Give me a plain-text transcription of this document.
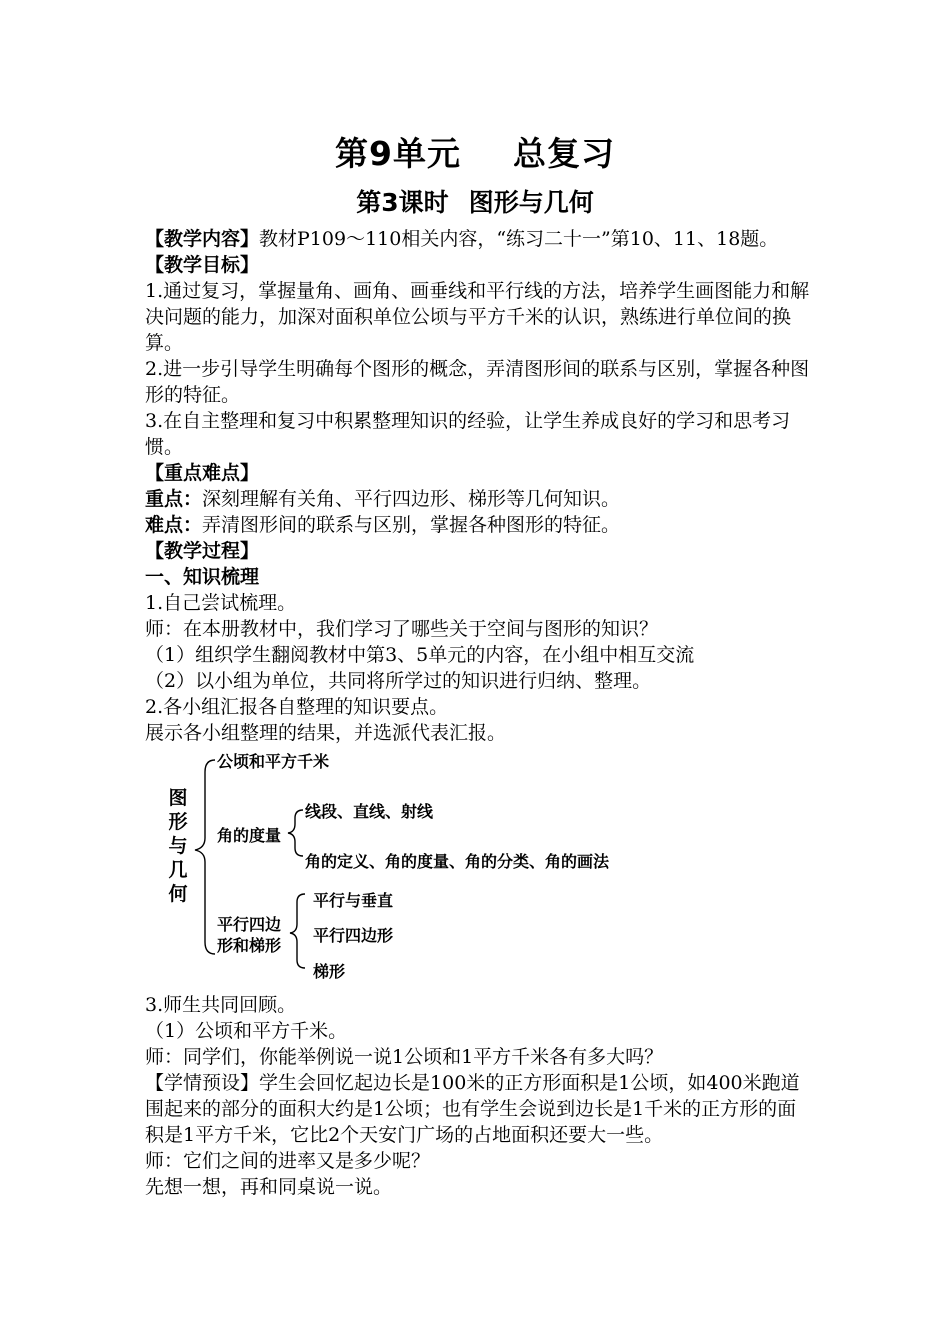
第9单元 总复习
第3课时 图形与几何

【教学内容】教材P109～110相关内容，“练习二十一”第10、11、18题。

【教学目标】

1.通过复习，掌握量角、画角、画垂线和平行线的方法，培养学生画图能力和解决问题的能力，加深对面积单位公顷与平方千米的认识，熟练进行单位间的换算。

2.进一步引导学生明确每个图形的概念，弄清图形间的联系与区别，掌握各种图形的特征。

3.在自主整理和复习中积累整理知识的经验，让学生养成良好的学习和思考习惯。

【重点难点】

重点：深刻理解有关角、平行四边形、梯形等几何知识。

难点：弄清图形间的联系与区别，掌握各种图形的特征。

【教学过程】

一、知识梳理

1.自己尝试梳理。

师：在本册教材中，我们学习了哪些关于空间与图形的知识？

（1）组织学生翻阅教材中第3、5单元的内容，在小组中相互交流

（2）以小组为单位，共同将所学过的知识进行归纳、整理。

2.各小组汇报各自整理的知识要点。

展示各小组整理的结果，并选派代表汇报。

图
形
与
几
何
公顷和平方千米
角的度量
线段、直线、射线
角的定义、角的度量、角的分类、角的画法
平行四边
形和梯形
平行与垂直
平行四边形
梯形

3.师生共同回顾。

（1）公顷和平方千米。

师：同学们，你能举例说一说1公顷和1平方千米各有多大吗？

【学情预设】学生会回忆起边长是100米的正方形面积是1公顷，如400米跑道围起来的部分的面积大约是1公顷；也有学生会说到边长是1千米的正方形的面积是1平方千米，它比2个天安门广场的占地面积还要大一些。

师：它们之间的进率又是多少呢？

先想一想，再和同桌说一说。
